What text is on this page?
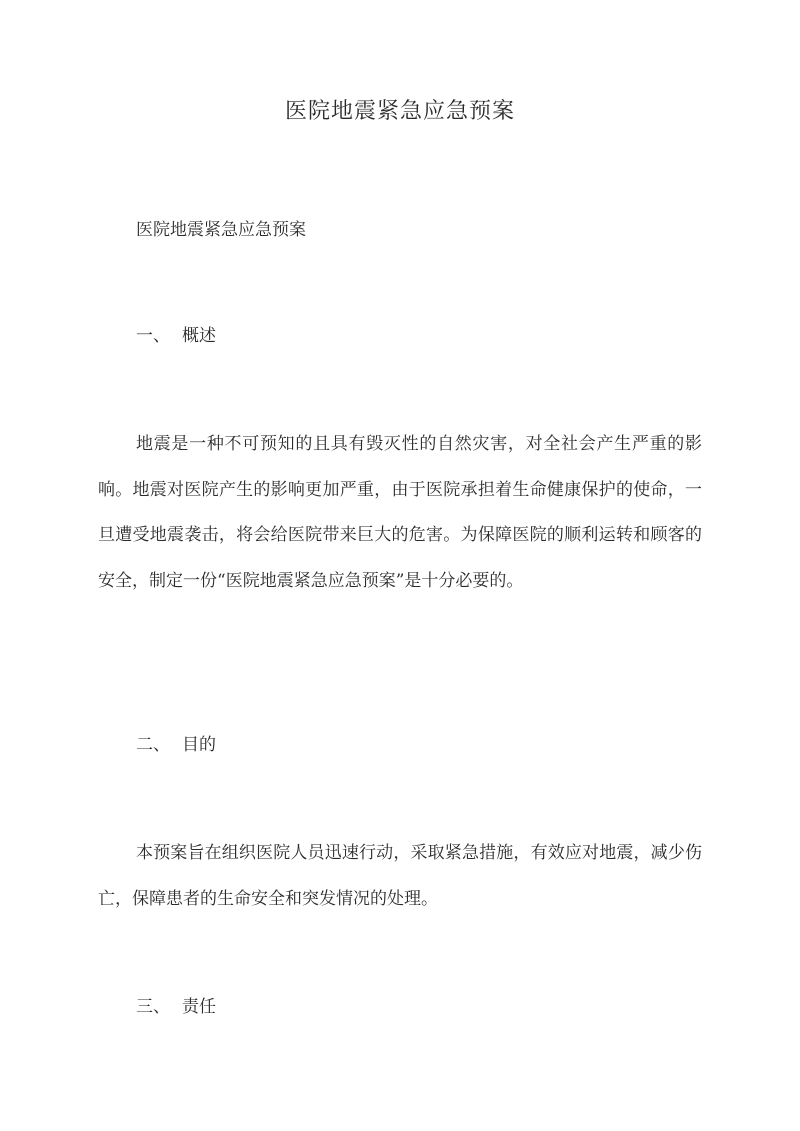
医院地震紧急应急预案

医院地震紧急应急预案

一、 概述

地震是一种不可预知的且具有毁灭性的自然灾害，对全社会产生严重的影响。地震对医院产生的影响更加严重，由于医院承担着生命健康保护的使命，一旦遭受地震袭击，将会给医院带来巨大的危害。为保障医院的顺利运转和顾客的安全，制定一份“医院地震紧急应急预案”是十分必要的。

二、 目的

本预案旨在组织医院人员迅速行动，采取紧急措施，有效应对地震，减少伤亡，保障患者的生命安全和突发情况的处理。

三、 责任
